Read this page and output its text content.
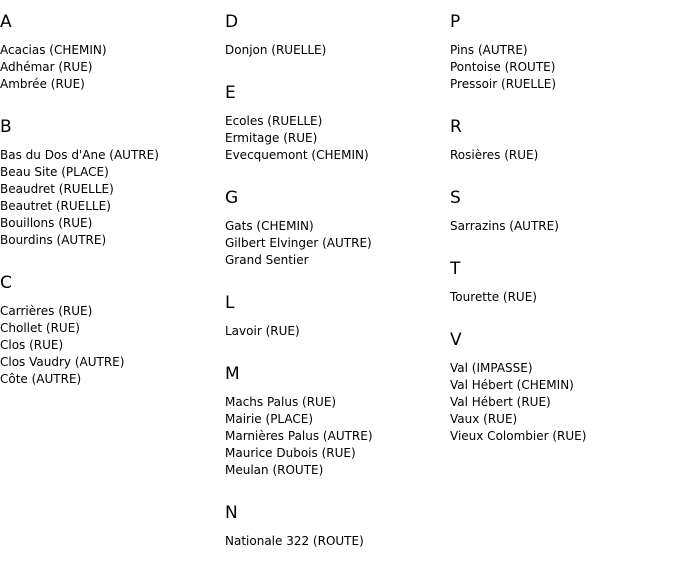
A
Acacias (CHEMIN)
Adhémar (RUE)
Ambrée (RUE)
B
Bas du Dos d'Ane (AUTRE)
Beau Site (PLACE)
Beaudret (RUELLE)
Beautret (RUELLE)
Bouillons (RUE)
Bourdins (AUTRE)
C
Carrières (RUE)
Chollet (RUE)
Clos (RUE)
Clos Vaudry (AUTRE)
Côte (AUTRE)
D
Donjon (RUELLE)
E
Ecoles (RUELLE)
Ermitage (RUE)
Evecquemont (CHEMIN)
G
Gats (CHEMIN)
Gilbert Elvinger (AUTRE)
Grand Sentier
L
Lavoir (RUE)
M
Machs Palus (RUE)
Mairie (PLACE)
Marnières Palus (AUTRE)
Maurice Dubois (RUE)
Meulan (ROUTE)
N
Nationale 322 (ROUTE)
P
Pins (AUTRE)
Pontoise (ROUTE)
Pressoir (RUELLE)
R
Rosières (RUE)
S
Sarrazins (AUTRE)
T
Tourette (RUE)
V
Val (IMPASSE)
Val Hébert (CHEMIN)
Val Hébert (RUE)
Vaux (RUE)
Vieux Colombier (RUE)
